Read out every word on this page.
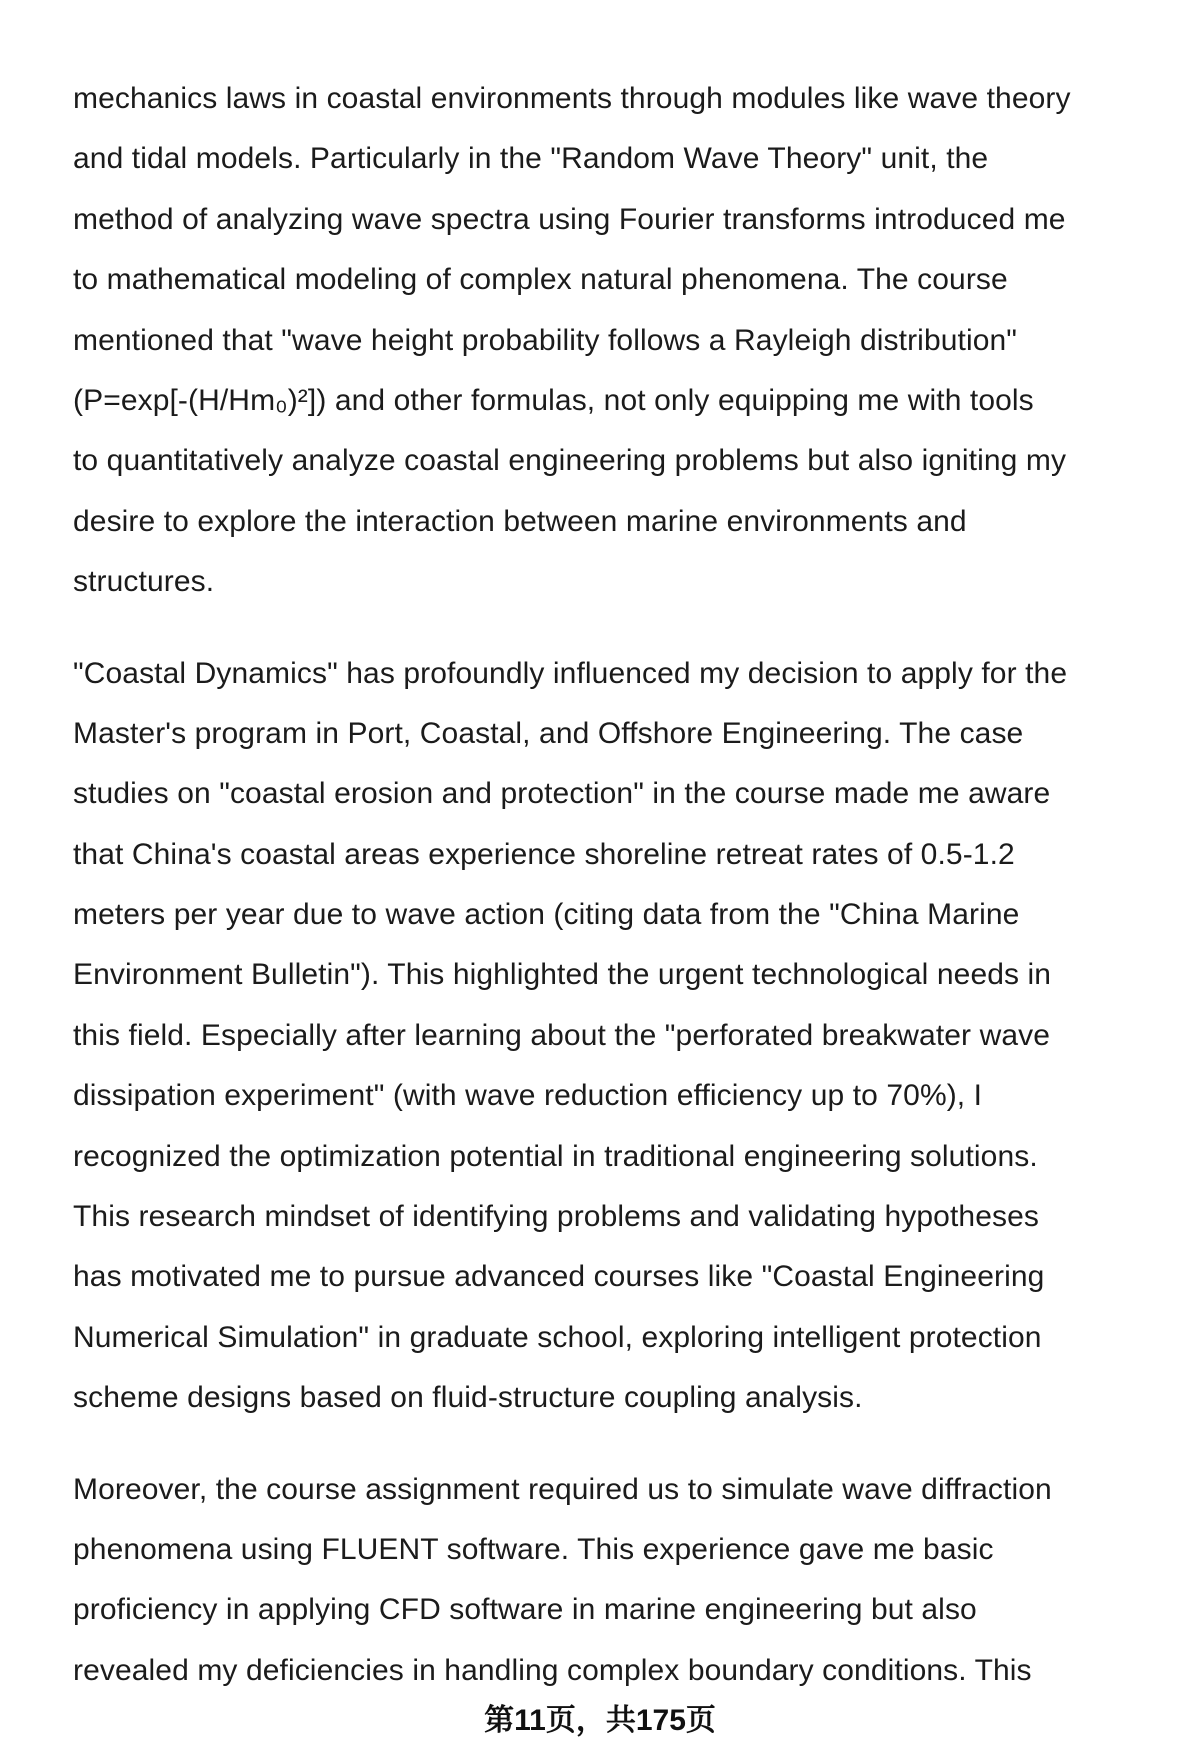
mechanics laws in coastal environments through modules like wave theory
and tidal models. Particularly in the "Random Wave Theory" unit, the
method of analyzing wave spectra using Fourier transforms introduced me
to mathematical modeling of complex natural phenomena. The course
mentioned that "wave height probability follows a Rayleigh distribution"
(P=exp[-(H/Hm₀)²]) and other formulas, not only equipping me with tools
to quantitatively analyze coastal engineering problems but also igniting my
desire to explore the interaction between marine environments and
structures.
"Coastal Dynamics" has profoundly influenced my decision to apply for the
Master's program in Port, Coastal, and Offshore Engineering. The case
studies on "coastal erosion and protection" in the course made me aware
that China's coastal areas experience shoreline retreat rates of 0.5-1.2
meters per year due to wave action (citing data from the "China Marine
Environment Bulletin"). This highlighted the urgent technological needs in
this field. Especially after learning about the "perforated breakwater wave
dissipation experiment" (with wave reduction efficiency up to 70%), I
recognized the optimization potential in traditional engineering solutions.
This research mindset of identifying problems and validating hypotheses
has motivated me to pursue advanced courses like "Coastal Engineering
Numerical Simulation" in graduate school, exploring intelligent protection
scheme designs based on fluid-structure coupling analysis.
Moreover, the course assignment required us to simulate wave diffraction
phenomena using FLUENT software. This experience gave me basic
proficiency in applying CFD software in marine engineering but also
revealed my deficiencies in handling complex boundary conditions. This
第11页，共175页
